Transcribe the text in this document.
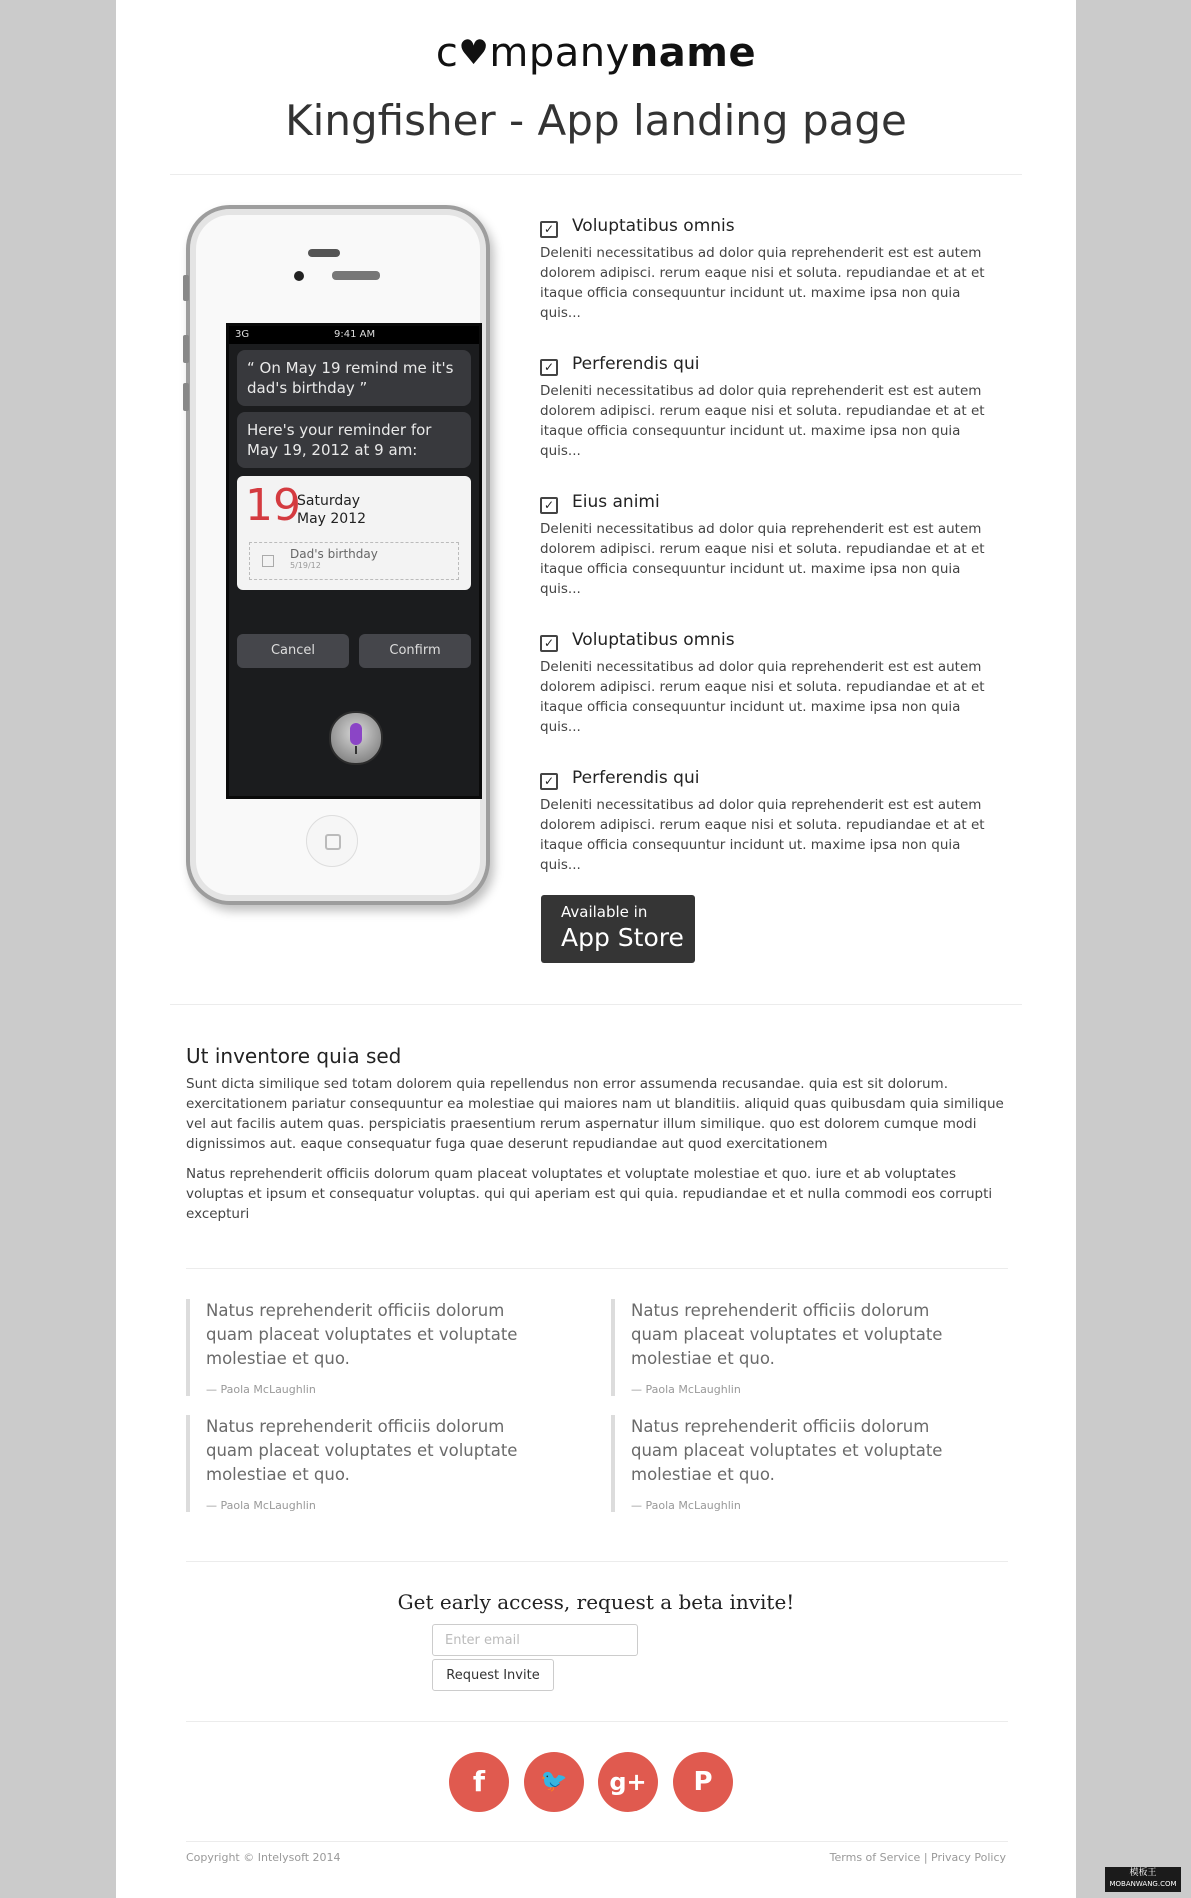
c♥mpanyname
Kingfisher - App landing page
3G	9:41 AM
“ On May 19 remind me it's dad's birthday ”
Here's your reminder for May 19, 2012 at 9 am:
19
Saturday
May 2012
Dad's birthday
5/19/12
Cancel	Confirm
✓ Voluptatibus omnis

Deleniti necessitatibus ad dolor quia reprehenderit est est autem dolorem adipisci. rerum eaque nisi et soluta. repudiandae et at et itaque officia consequuntur incidunt ut. maxime ipsa non quia quis...

✓ Perferendis qui

Deleniti necessitatibus ad dolor quia reprehenderit est est autem dolorem adipisci. rerum eaque nisi et soluta. repudiandae et at et itaque officia consequuntur incidunt ut. maxime ipsa non quia quis...

✓ Eius animi

Deleniti necessitatibus ad dolor quia reprehenderit est est autem dolorem adipisci. rerum eaque nisi et soluta. repudiandae et at et itaque officia consequuntur incidunt ut. maxime ipsa non quia quis...

✓ Voluptatibus omnis

Deleniti necessitatibus ad dolor quia reprehenderit est est autem dolorem adipisci. rerum eaque nisi et soluta. repudiandae et at et itaque officia consequuntur incidunt ut. maxime ipsa non quia quis...

✓ Perferendis qui

Deleniti necessitatibus ad dolor quia reprehenderit est est autem dolorem adipisci. rerum eaque nisi et soluta. repudiandae et at et itaque officia consequuntur incidunt ut. maxime ipsa non quia quis...

Available in
App Store
Ut inventore quia sed

Sunt dicta similique sed totam dolorem quia repellendus non error assumenda recusandae. quia est sit dolorum. exercitationem pariatur consequuntur ea molestiae qui maiores nam ut blanditiis. aliquid quas quibusdam quia similique vel aut facilis autem quas. perspiciatis praesentium rerum aspernatur illum similique. quo est dolorem cumque modi dignissimos aut. eaque consequatur fuga quae deserunt repudiandae aut quod exercitationem

Natus reprehenderit officiis dolorum quam placeat voluptates et voluptate molestiae et quo. iure et ab voluptates voluptas et ipsum et consequatur voluptas. qui qui aperiam est qui quia. repudiandae et et nulla commodi eos corrupti excepturi

Natus reprehenderit officiis dolorum quam placeat voluptates et voluptate molestiae et quo.
— Paola McLaughlin
Natus reprehenderit officiis dolorum quam placeat voluptates et voluptate molestiae et quo.
— Paola McLaughlin
Natus reprehenderit officiis dolorum quam placeat voluptates et voluptate molestiae et quo.
— Paola McLaughlin
Natus reprehenderit officiis dolorum quam placeat voluptates et voluptate molestiae et quo.
— Paola McLaughlin
Get early access, request a beta invite!
Enter email
Request Invite
f	🐦	g+	P
Copyright © Intelysoft 2014	Terms of Service | Privacy Policy
模板王
MOBANWANG.COM
